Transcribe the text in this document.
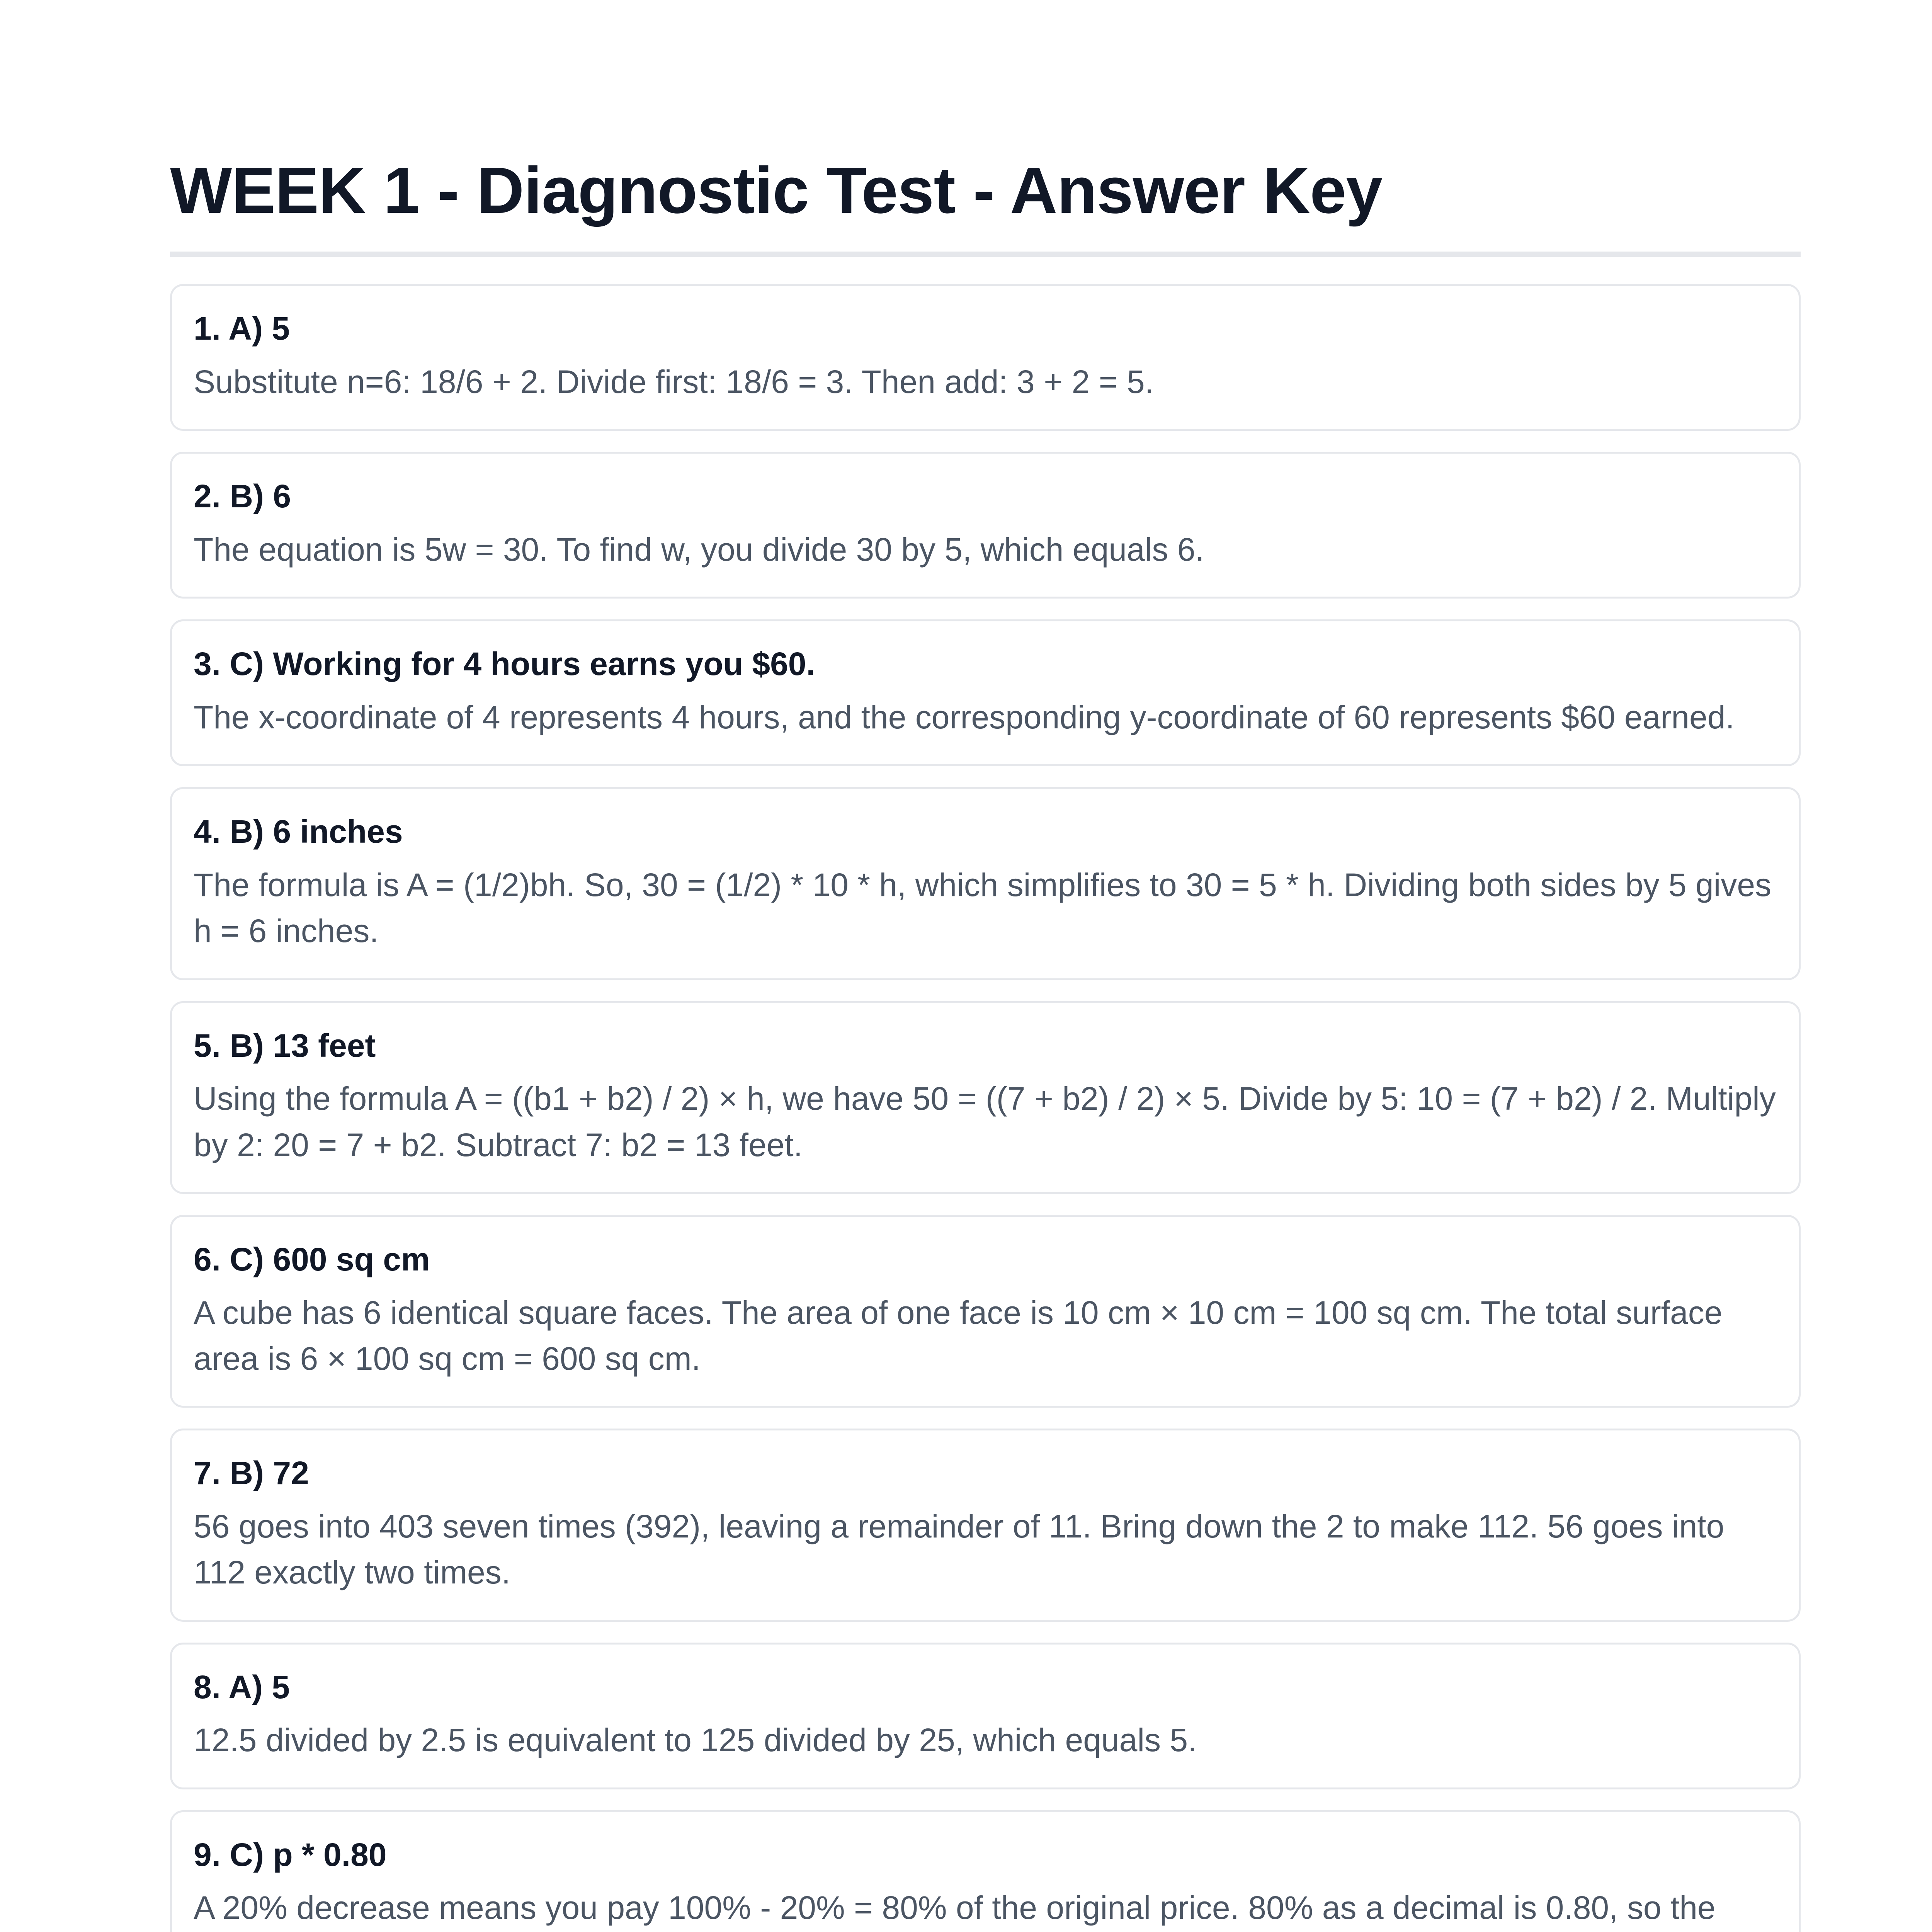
WEEK 1 - Diagnostic Test - Answer Key
1. A) 5
Substitute n=6: 18/6 + 2. Divide first: 18/6 = 3. Then add: 3 + 2 = 5.
2. B) 6
The equation is 5w = 30. To find w, you divide 30 by 5, which equals 6.
3. C) Working for 4 hours earns you $60.
The x-coordinate of 4 represents 4 hours, and the corresponding y-coordinate of 60 represents $60 earned.
4. B) 6 inches
The formula is A = (1/2)bh. So, 30 = (1/2) * 10 * h, which simplifies to 30 = 5 * h. Dividing both sides by 5 gives h = 6 inches.
5. B) 13 feet
Using the formula A = ((b1 + b2) / 2) × h, we have 50 = ((7 + b2) / 2) × 5. Divide by 5: 10 = (7 + b2) / 2. Multiply by 2: 20 = 7 + b2. Subtract 7: b2 = 13 feet.
6. C) 600 sq cm
A cube has 6 identical square faces. The area of one face is 10 cm × 10 cm = 100 sq cm. The total surface area is 6 × 100 sq cm = 600 sq cm.
7. B) 72
56 goes into 403 seven times (392), leaving a remainder of 11. Bring down the 2 to make 112. 56 goes into 112 exactly two times.
8. A) 5
12.5 divided by 2.5 is equivalent to 125 divided by 25, which equals 5.
9. C) p * 0.80
A 20% decrease means you pay 100% - 20% = 80% of the original price. 80% as a decimal is 0.80, so the
